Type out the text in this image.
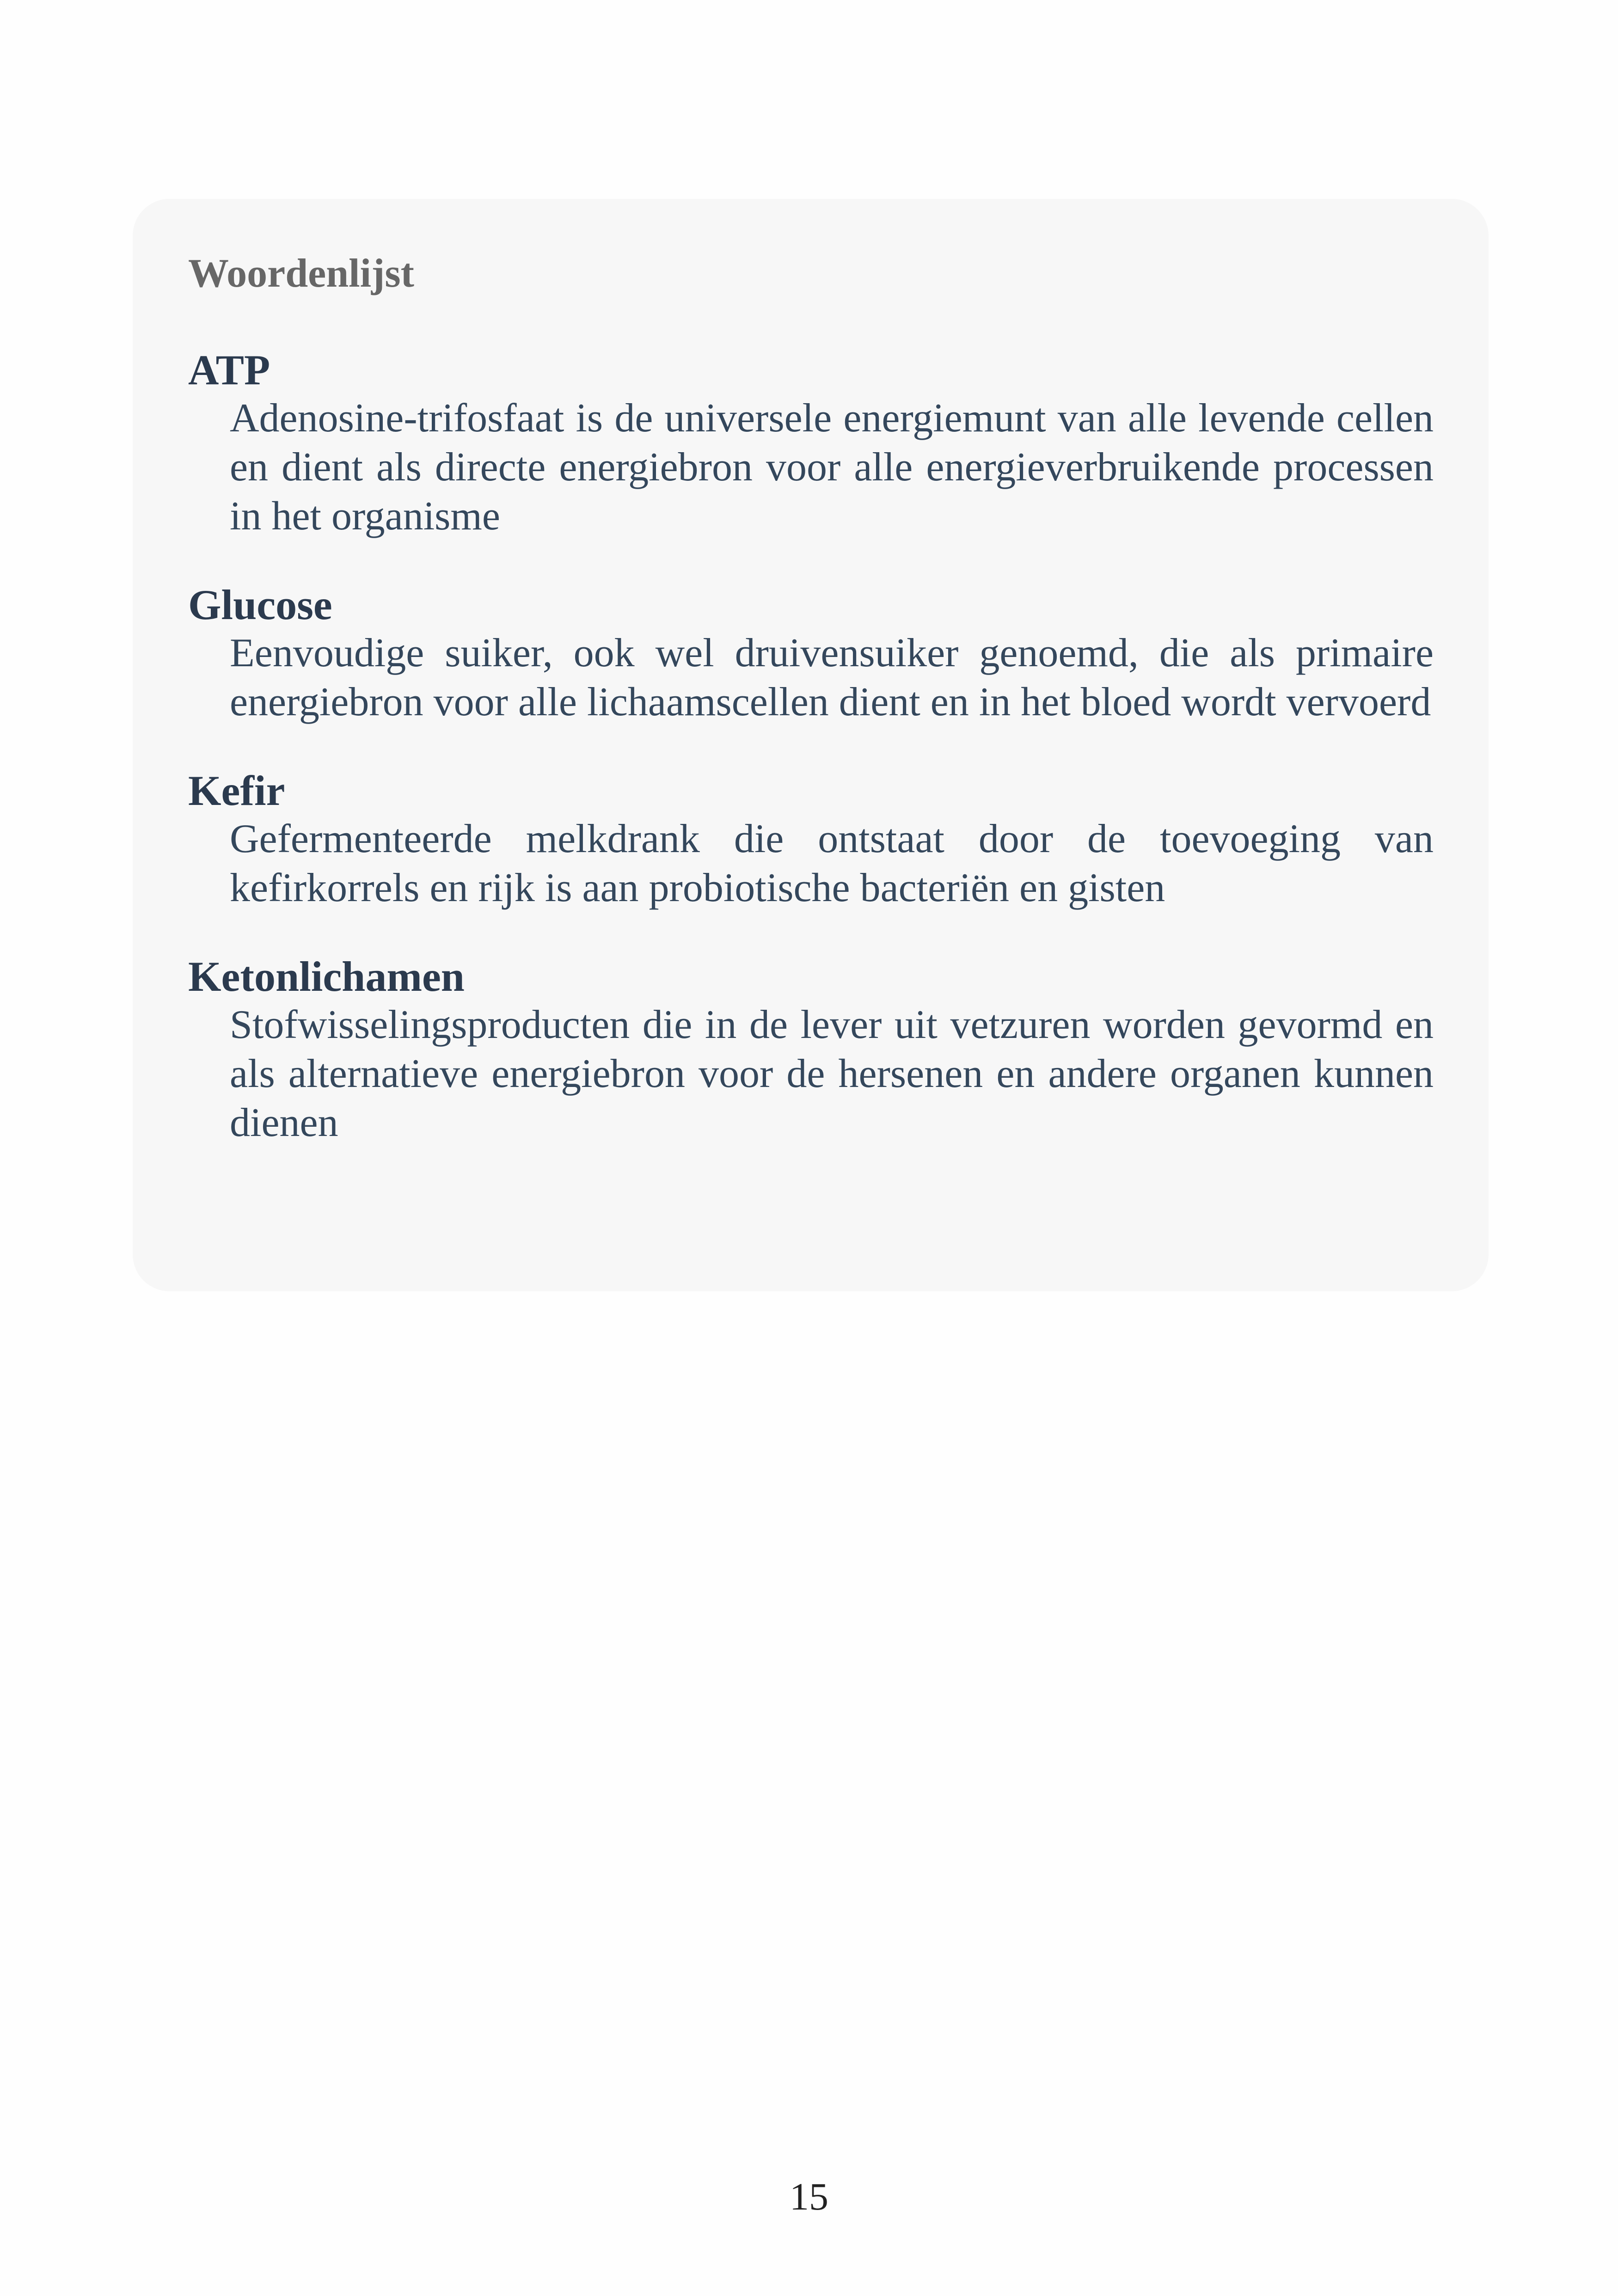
Woordenlijst

ATP

Adenosine-trifosfaat is de universele energiemunt van alle levende cellen en dient als directe energiebron voor alle energieverbruikende processen in het organisme

Glucose

Eenvoudige suiker, ook wel druivensuiker genoemd, die als primaire energiebron voor alle lichaamscellen dient en in het bloed wordt vervoerd

Kefir

Gefermenteerde melkdrank die ontstaat door de toevoeging van kefirkorrels en rijk is aan probiotische bacteriën en gisten

Ketonlichamen

Stofwisselingsproducten die in de lever uit vetzuren worden gevormd en als alternatieve energiebron voor de hersenen en andere organen kunnen dienen

15
